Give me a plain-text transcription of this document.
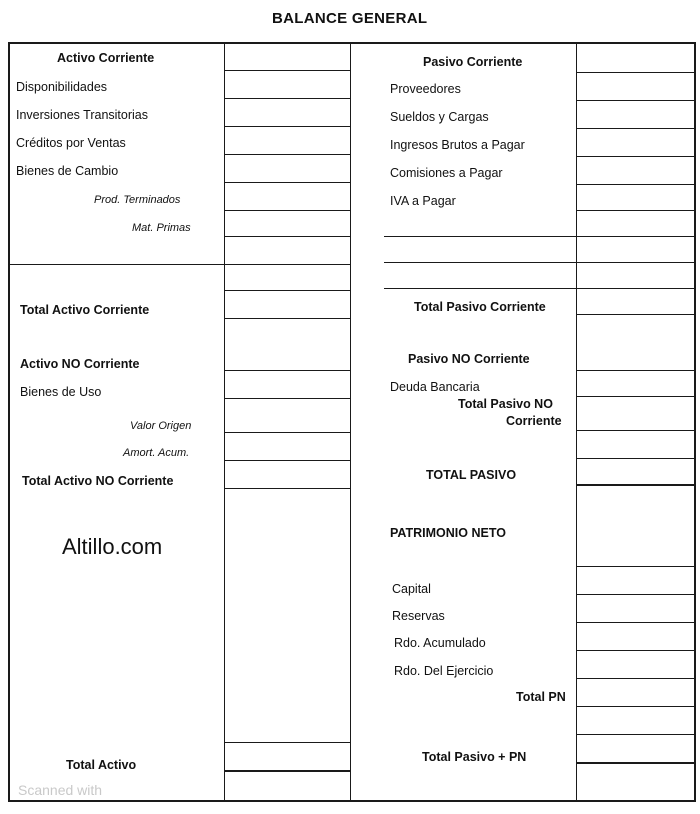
BALANCE GENERAL
Activo Corriente
Disponibilidades
Inversiones Transitorias
Créditos por Ventas
Bienes de Cambio
Prod. Terminados
Mat. Primas
Total Activo Corriente
Activo NO Corriente
Bienes de Uso
Valor Origen
Amort. Acum.
Total Activo NO Corriente
Total Activo
Altillo.com
Pasivo Corriente
Proveedores
Sueldos y Cargas
Ingresos Brutos a Pagar
Comisiones a Pagar
IVA a Pagar
Total Pasivo Corriente
Pasivo NO Corriente
Deuda Bancaria
Total Pasivo NO
Corriente
TOTAL PASIVO
PATRIMONIO NETO
Capital
Reservas
Rdo. Acumulado
Rdo. Del Ejercicio
Total PN
Total Pasivo + PN
Scanned with
